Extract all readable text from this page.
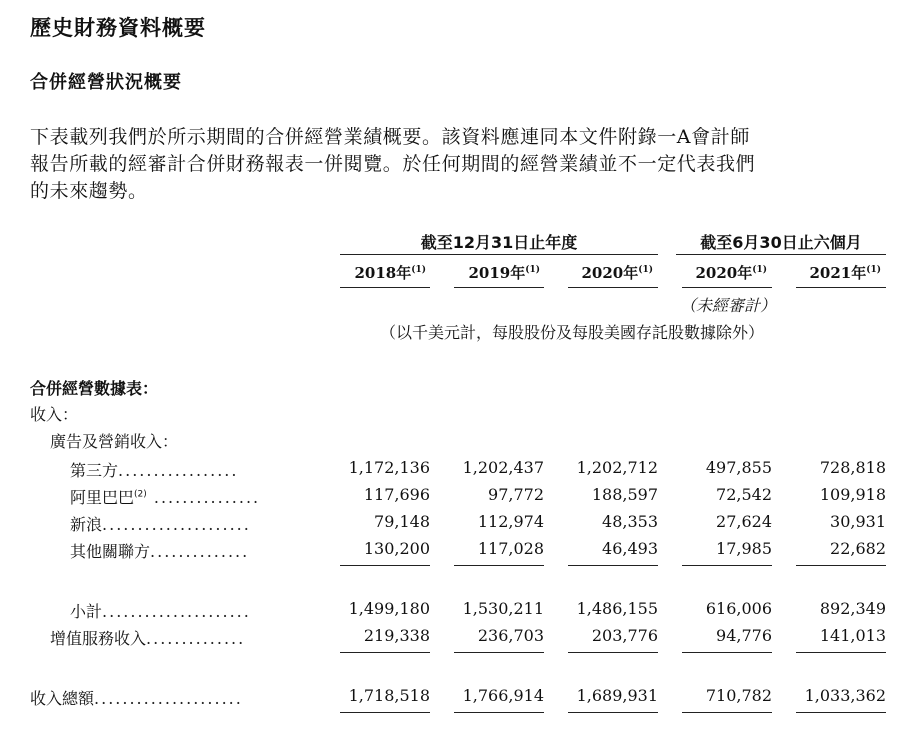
歷史財務資料概要
合併經營狀況概要
下表載列我們於所示期間的合併經營業績概要。該資料應連同本文件附錄一A會計師
報告所載的經審計合併財務報表一併閱覽。於任何期間的經營業績並不一定代表我們
的未來趨勢。
截至12月31日止年度	截至6月30日止六個月
2018年$^{(1)}$	2019年$^{(1)}$	2020年$^{(1)}$	2020年$^{(1)}$	2021年$^{(1)}$
（未經審計）
（以千美元計，每股股份及每股美國存託股數據除外）
合併經營數據表：
收入：
廣告及營銷收入：
第三方.................	1,172,136	1,202,437	1,202,712	497,855	728,818
阿里巴巴$^{(2)}$ ...............	117,696	97,772	188,597	72,542	109,918
新浪.....................	79,148	112,974	48,353	27,624	30,931
其他關聯方..............	130,200	117,028	46,493	17,985	22,682
小計.....................	1,499,180	1,530,211	1,486,155	616,006	892,349
增值服務收入..............	219,338	236,703	203,776	94,776	141,013
收入總額.....................	1,718,518	1,766,914	1,689,931	710,782	1,033,362
